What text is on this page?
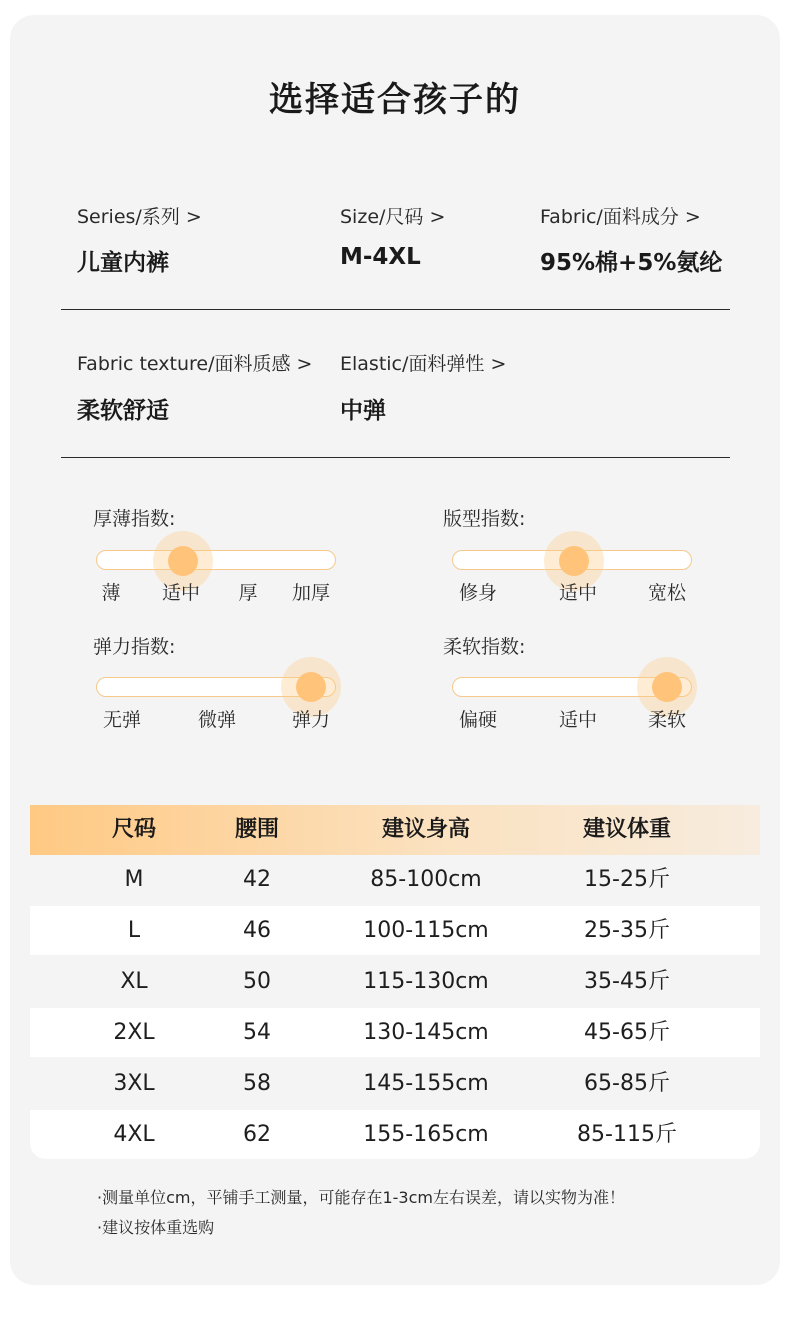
选择适合孩子的
Series/系列 >
儿童内裤
Size/尺码 >
M-4XL
Fabric/面料成分 >
95%棉+5%氨纶
Fabric texture/面料质感 >
柔软舒适
Elastic/面料弹性 >
中弹
厚薄指数:
薄 适中 厚 加厚
版型指数:
修身	适中	宽松
弹力指数:
无弹	微弹	弹力
柔软指数:
偏硬	适中	柔软
尺码	腰围	建议身高	建议体重
M	42	85-100cm	15-25斤
L	46	100-115cm	25-35斤
XL	50	115-130cm	35-45斤
2XL	54	130-145cm	45-65斤
3XL	58	145-155cm	65-85斤
4XL	62	155-165cm	85-115斤
·测量单位cm，平铺手工测量，可能存在1-3cm左右误差，请以实物为准！
·建议按体重选购
